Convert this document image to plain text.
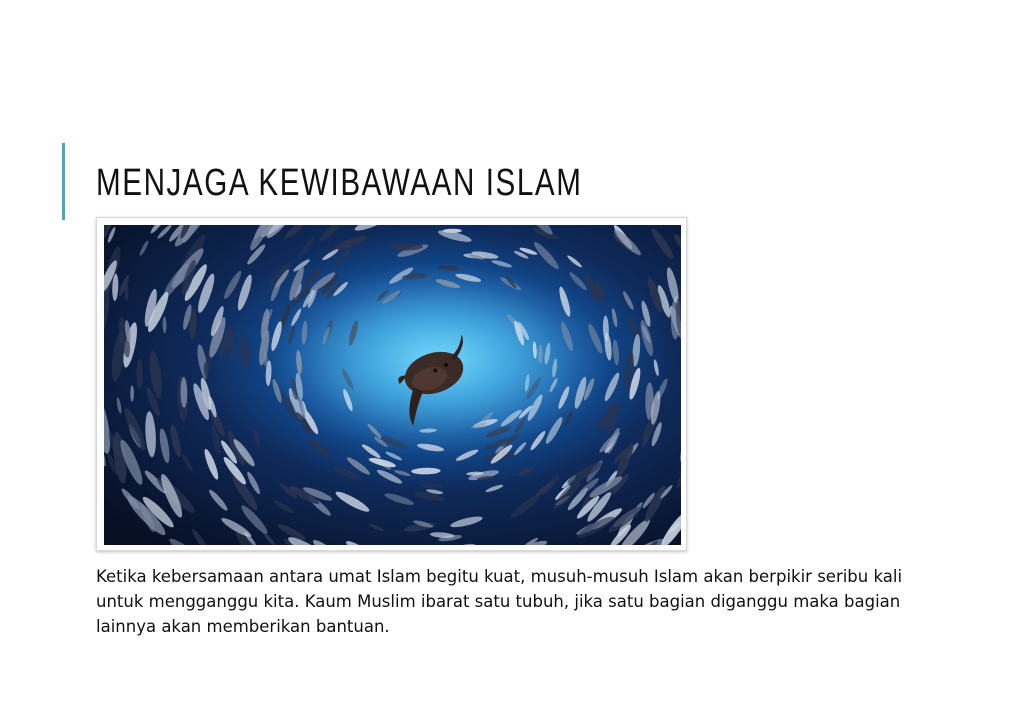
MENJAGA KEWIBAWAAN ISLAM

Ketika kebersamaan antara umat Islam begitu kuat, musuh-musuh Islam akan berpikir seribu kali untuk mengganggu kita. Kaum Muslim ibarat satu tubuh, jika satu bagian diganggu maka bagian lainnya akan memberikan bantuan.
